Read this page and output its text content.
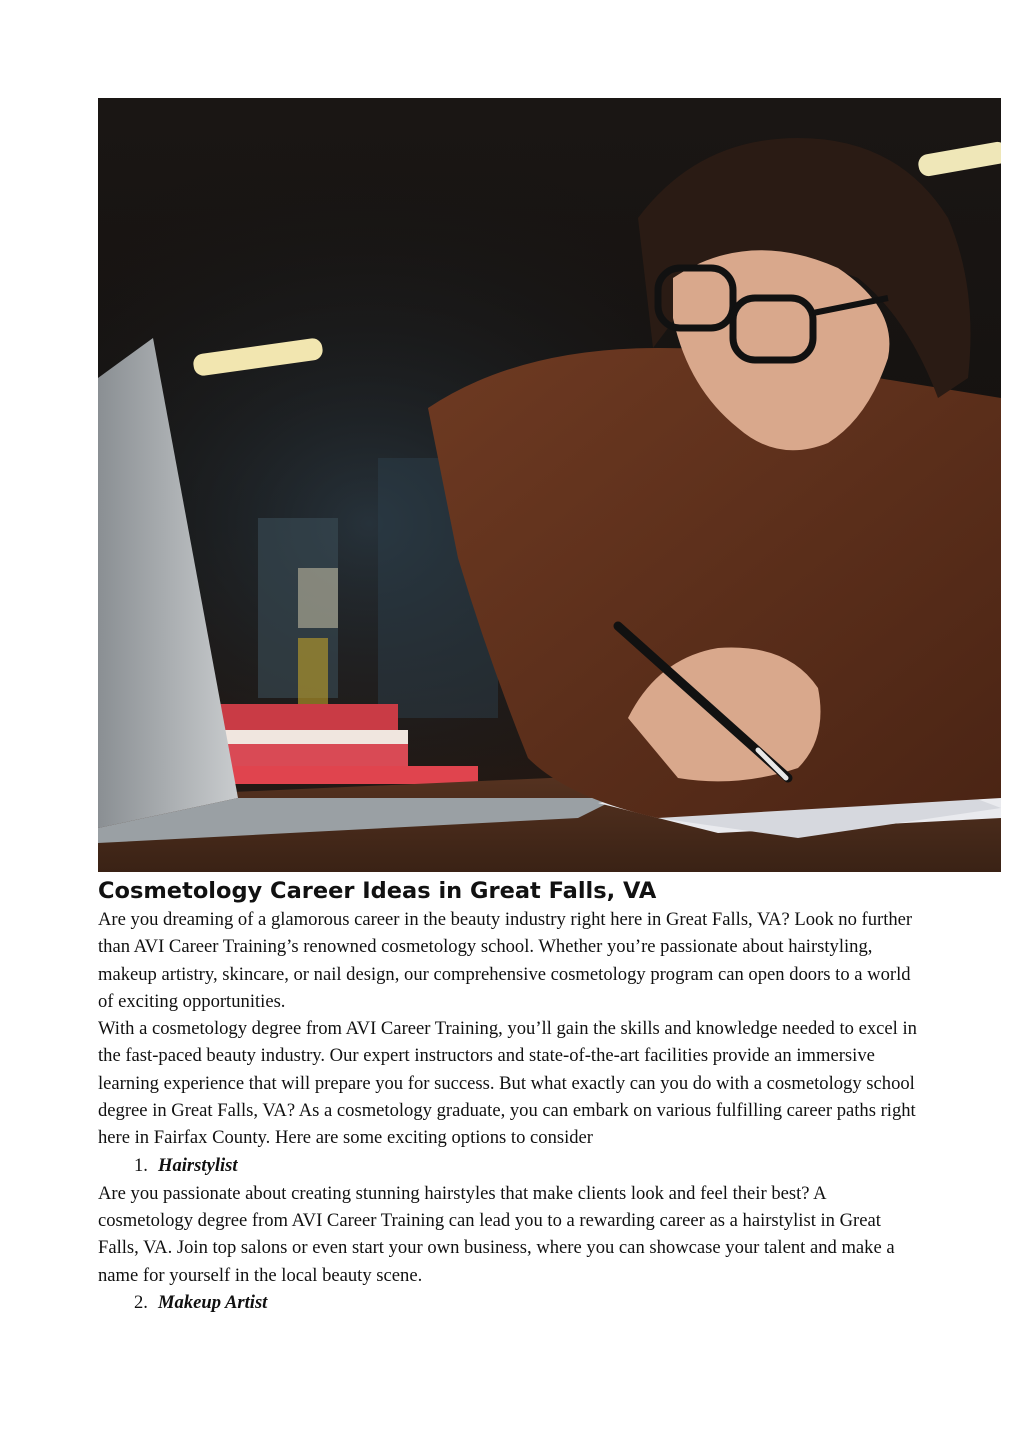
Cosmetology Career Ideas in Great Falls, VA

Are you dreaming of a glamorous career in the beauty industry right here in Great Falls, VA? Look no further than AVI Career Training’s renowned cosmetology school. Whether you’re passionate about hairstyling, makeup artistry, skincare, or nail design, our comprehensive cosmetology program can open doors to a world of exciting opportunities.

With a cosmetology degree from AVI Career Training, you’ll gain the skills and knowledge needed to excel in the fast-paced beauty industry. Our expert instructors and state-of-the-art facilities provide an immersive learning experience that will prepare you for success. But what exactly can you do with a cosmetology school degree in Great Falls, VA? As a cosmetology graduate, you can embark on various fulfilling career paths right here in Fairfax County. Here are some exciting options to consider

1. Hairstylist

Are you passionate about creating stunning hairstyles that make clients look and feel their best? A cosmetology degree from AVI Career Training can lead you to a rewarding career as a hairstylist in Great Falls, VA. Join top salons or even start your own business, where you can showcase your talent and make a name for yourself in the local beauty scene.

2. Makeup Artist
